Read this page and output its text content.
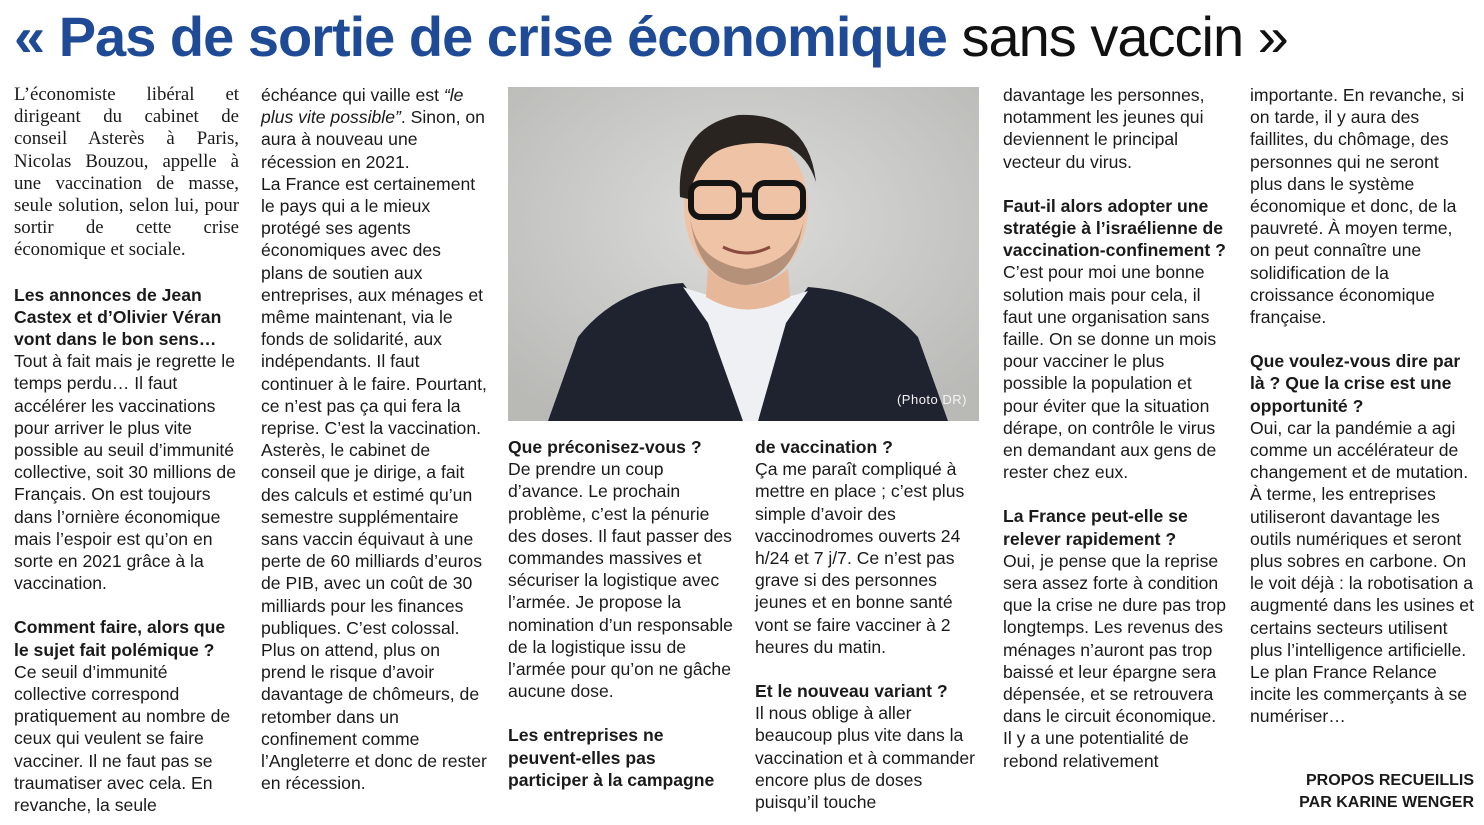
« Pas de sortie de crise économique sans vaccin »

L’économiste libéral et dirigeant du cabinet de conseil Asterès à Paris, Nicolas Bouzou, appelle à une vaccination de masse, seule solution, selon lui, pour sortir de cette crise économique et sociale.

Les annonces de Jean Castex et d’Olivier Véran vont dans le bon sens…

Tout à fait mais je regrette le temps perdu… Il faut accélérer les vaccinations pour arriver le plus vite possible au seuil d’immunité collective, soit 30 millions de Français. On est toujours dans l’ornière économique mais l’espoir est qu’on en sorte en 2021 grâce à la vaccination.

Comment faire, alors que le sujet fait polémique ?

Ce seuil d’immunité collective correspond pratiquement au nombre de ceux qui veulent se faire vacciner. Il ne faut pas se traumatiser avec cela. En revanche, la seule

échéance qui vaille est “le plus vite possible”. Sinon, on aura à nouveau une récession en 2021.

La France est certainement le pays qui a le mieux protégé ses agents économiques avec des plans de soutien aux entreprises, aux ménages et même maintenant, via le fonds de solidarité, aux indépendants. Il faut continuer à le faire. Pourtant, ce n’est pas ça qui fera la reprise. C’est la vaccination. Asterès, le cabinet de conseil que je dirige, a fait des calculs et estimé qu’un semestre supplémentaire sans vaccin équivaut à une perte de 60 milliards d’euros de PIB, avec un coût de 30 milliards pour les finances publiques. C’est colossal. Plus on attend, plus on prend le risque d’avoir davantage de chômeurs, de retomber dans un confinement comme l’Angleterre et donc de rester en récession.

(Photo DR)

Que préconisez-vous ?

De prendre un coup d’avance. Le prochain problème, c’est la pénurie des doses. Il faut passer des commandes massives et sécuriser la logistique avec l’armée. Je propose la nomination d’un responsable de la logistique issu de l’armée pour qu’on ne gâche aucune dose.

Les entreprises ne peuvent-elles pas participer à la campagne

de vaccination ?

Ça me paraît compliqué à mettre en place ; c’est plus simple d’avoir des vaccinodromes ouverts 24 h/24 et 7 j/7. Ce n’est pas grave si des personnes jeunes et en bonne santé vont se faire vacciner à 2 heures du matin.

Et le nouveau variant ?

Il nous oblige à aller beaucoup plus vite dans la vaccination et à commander encore plus de doses puisqu’il touche

davantage les personnes, notamment les jeunes qui deviennent le principal vecteur du virus.

Faut-il alors adopter une stratégie à l’israélienne de vaccination-confinement ?

C’est pour moi une bonne solution mais pour cela, il faut une organisation sans faille. On se donne un mois pour vacciner le plus possible la population et pour éviter que la situation dérape, on contrôle le virus en demandant aux gens de rester chez eux.

La France peut-elle se relever rapidement ?

Oui, je pense que la reprise sera assez forte à condition que la crise ne dure pas trop longtemps. Les revenus des ménages n’auront pas trop baissé et leur épargne sera dépensée, et se retrouvera dans le circuit économique. Il y a une potentialité de rebond relativement

importante. En revanche, si on tarde, il y aura des faillites, du chômage, des personnes qui ne seront plus dans le système économique et donc, de la pauvreté. À moyen terme, on peut connaître une solidification de la croissance économique française.

Que voulez-vous dire par là ? Que la crise est une opportunité ?

Oui, car la pandémie a agi comme un accélérateur de changement et de mutation. À terme, les entreprises utiliseront davantage les outils numériques et seront plus sobres en carbone. On le voit déjà : la robotisation a augmenté dans les usines et certains secteurs utilisent plus l’intelligence artificielle. Le plan France Relance incite les commerçants à se numériser…

PROPOS RECUEILLIS
PAR KARINE WENGER
